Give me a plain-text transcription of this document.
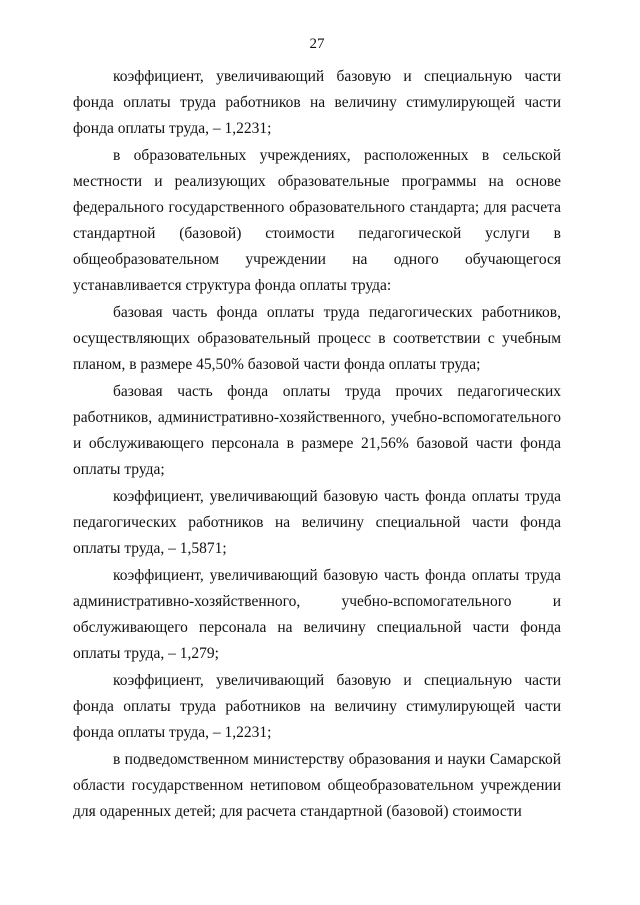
27

коэффициент, увеличивающий базовую и специальную части фонда оплаты труда работников на величину стимулирующей части фонда оплаты труда, – 1,2231;

в образовательных учреждениях, расположенных в сельской местности и реализующих образовательные программы на основе федерального государственного образовательного стандарта; для расчета стандартной (базовой) стоимости педагогической услуги в общеобразовательном учреждении на одного обучающегося устанавливается структура фонда оплаты труда:

базовая часть фонда оплаты труда педагогических работников, осуществляющих образовательный процесс в соответствии с учебным планом, в размере 45,50% базовой части фонда оплаты труда;

базовая часть фонда оплаты труда прочих педагогических работников, административно-хозяйственного, учебно-вспомогательного и обслуживающего персонала в размере 21,56% базовой части фонда оплаты труда;

коэффициент, увеличивающий базовую часть фонда оплаты труда педагогических работников на величину специальной части фонда оплаты труда, – 1,5871;

коэффициент, увеличивающий базовую часть фонда оплаты труда административно-хозяйственного, учебно-вспомогательного и обслуживающего персонала на величину специальной части фонда оплаты труда, – 1,279;

коэффициент, увеличивающий базовую и специальную части фонда оплаты труда работников на величину стимулирующей части фонда оплаты труда, – 1,2231;

в подведомственном министерству образования и науки Самарской области государственном нетиповом общеобразовательном учреждении для одаренных детей; для расчета стандартной (базовой) стоимости
